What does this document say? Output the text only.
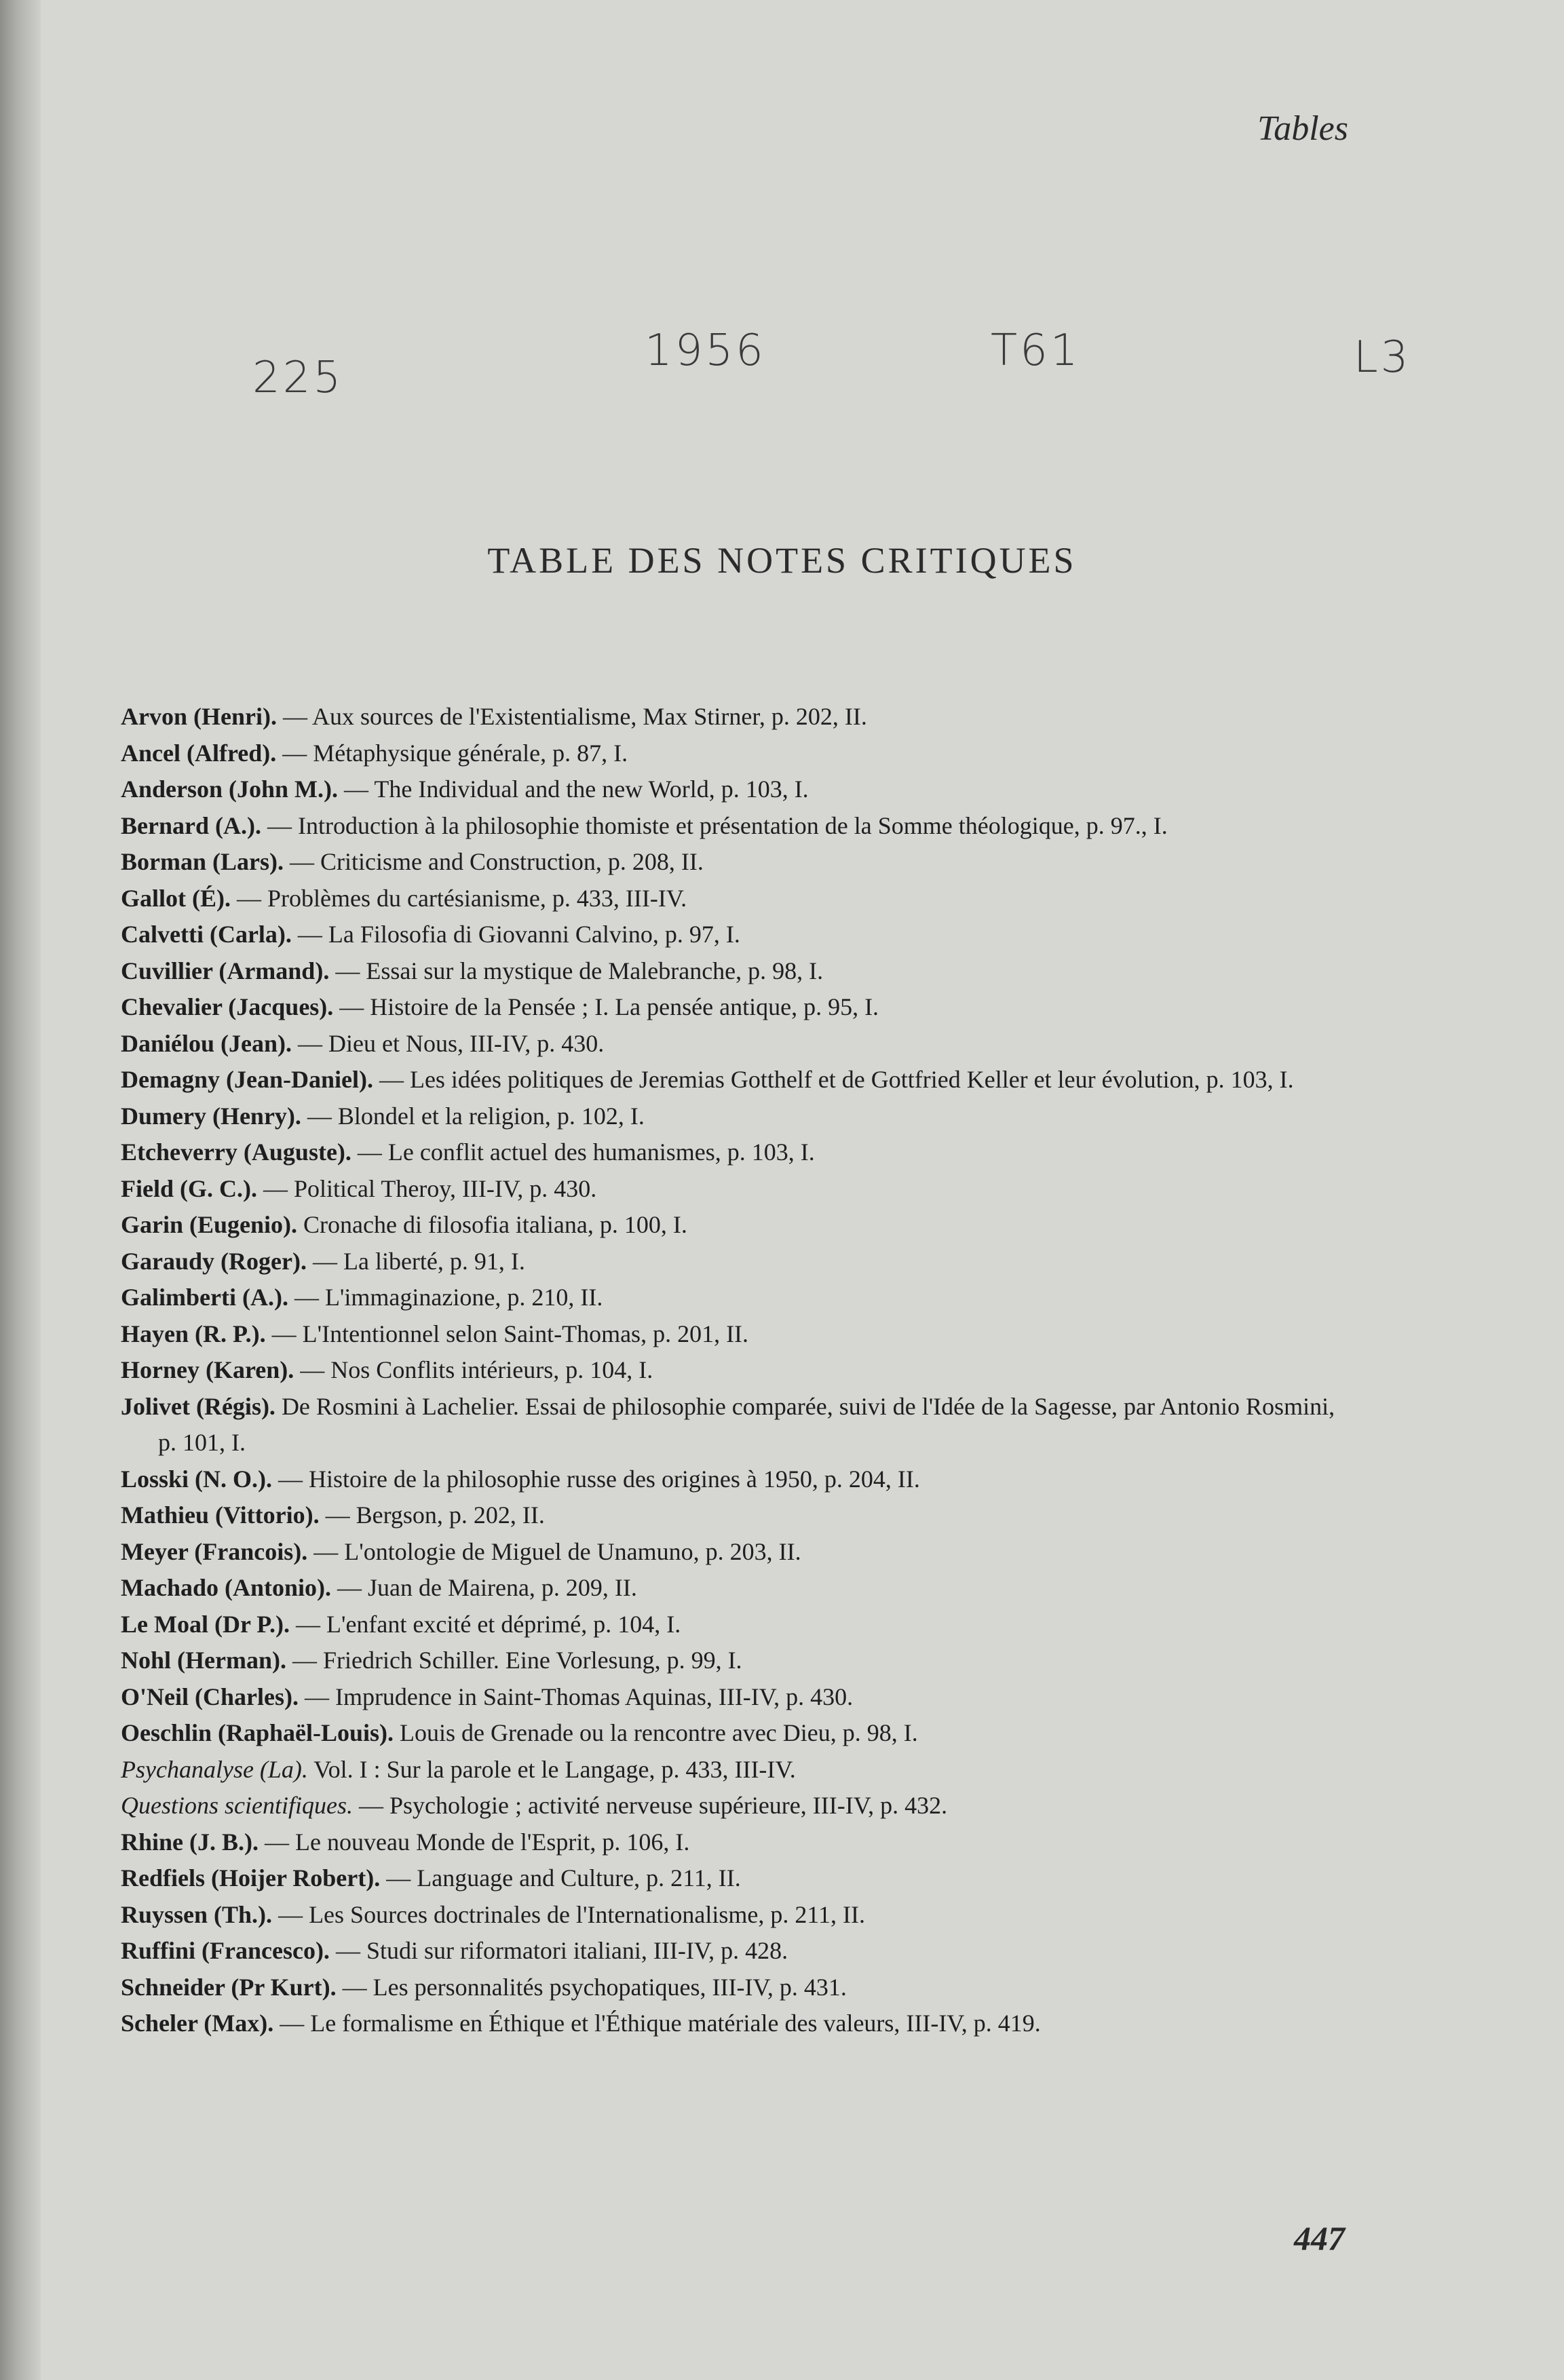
Tables
225
1956	T61	L3
TABLE DES NOTES CRITIQUES

Arvon (Henri). — Aux sources de l'Existentialisme, Max Stirner, p. 202, II.

Ancel (Alfred). — Métaphysique générale, p. 87, I.

Anderson (John M.). — The Individual and the new World, p. 103, I.

Bernard (A.). — Introduction à la philosophie thomiste et présentation de la Somme théologique, p. 97., I.

Borman (Lars). — Criticisme and Construction, p. 208, II.

Gallot (É). — Problèmes du cartésianisme, p. 433, III-IV.

Calvetti (Carla). — La Filosofia di Giovanni Calvino, p. 97, I.

Cuvillier (Armand). — Essai sur la mystique de Malebranche, p. 98, I.

Chevalier (Jacques). — Histoire de la Pensée ; I. La pensée antique, p. 95, I.

Daniélou (Jean). — Dieu et Nous, III-IV, p. 430.

Demagny (Jean-Daniel). — Les idées politiques de Jeremias Gotthelf et de Gottfried Keller et leur évolution, p. 103, I.

Dumery (Henry). — Blondel et la religion, p. 102, I.

Etcheverry (Auguste). — Le conflit actuel des humanismes, p. 103, I.

Field (G. C.). — Political Theroy, III-IV, p. 430.

Garin (Eugenio). Cronache di filosofia italiana, p. 100, I.

Garaudy (Roger). — La liberté, p. 91, I.

Galimberti (A.). — L'immaginazione, p. 210, II.

Hayen (R. P.). — L'Intentionnel selon Saint-Thomas, p. 201, II.

Horney (Karen). — Nos Conflits intérieurs, p. 104, I.

Jolivet (Régis). De Rosmini à Lachelier. Essai de philosophie comparée, suivi de l'Idée de la Sagesse, par Antonio Rosmini, p. 101, I.

Losski (N. O.). — Histoire de la philosophie russe des origines à 1950, p. 204, II.

Mathieu (Vittorio). — Bergson, p. 202, II.

Meyer (Francois). — L'ontologie de Miguel de Unamuno, p. 203, II.

Machado (Antonio). — Juan de Mairena, p. 209, II.

Le Moal (Dr P.). — L'enfant excité et déprimé, p. 104, I.

Nohl (Herman). — Friedrich Schiller. Eine Vorlesung, p. 99, I.

O'Neil (Charles). — Imprudence in Saint-Thomas Aquinas, III-IV, p. 430.

Oeschlin (Raphaël-Louis). Louis de Grenade ou la rencontre avec Dieu, p. 98, I.

Psychanalyse (La). Vol. I : Sur la parole et le Langage, p. 433, III-IV.

Questions scientifiques. — Psychologie ; activité nerveuse supérieure, III-IV, p. 432.

Rhine (J. B.). — Le nouveau Monde de l'Esprit, p. 106, I.

Redfiels (Hoijer Robert). — Language and Culture, p. 211, II.

Ruyssen (Th.). — Les Sources doctrinales de l'Internationalisme, p. 211, II.

Ruffini (Francesco). — Studi sur riformatori italiani, III-IV, p. 428.

Schneider (Pr Kurt). — Les personnalités psychopatiques, III-IV, p. 431.

Scheler (Max). — Le formalisme en Éthique et l'Éthique matériale des valeurs, III-IV, p. 419.

447
